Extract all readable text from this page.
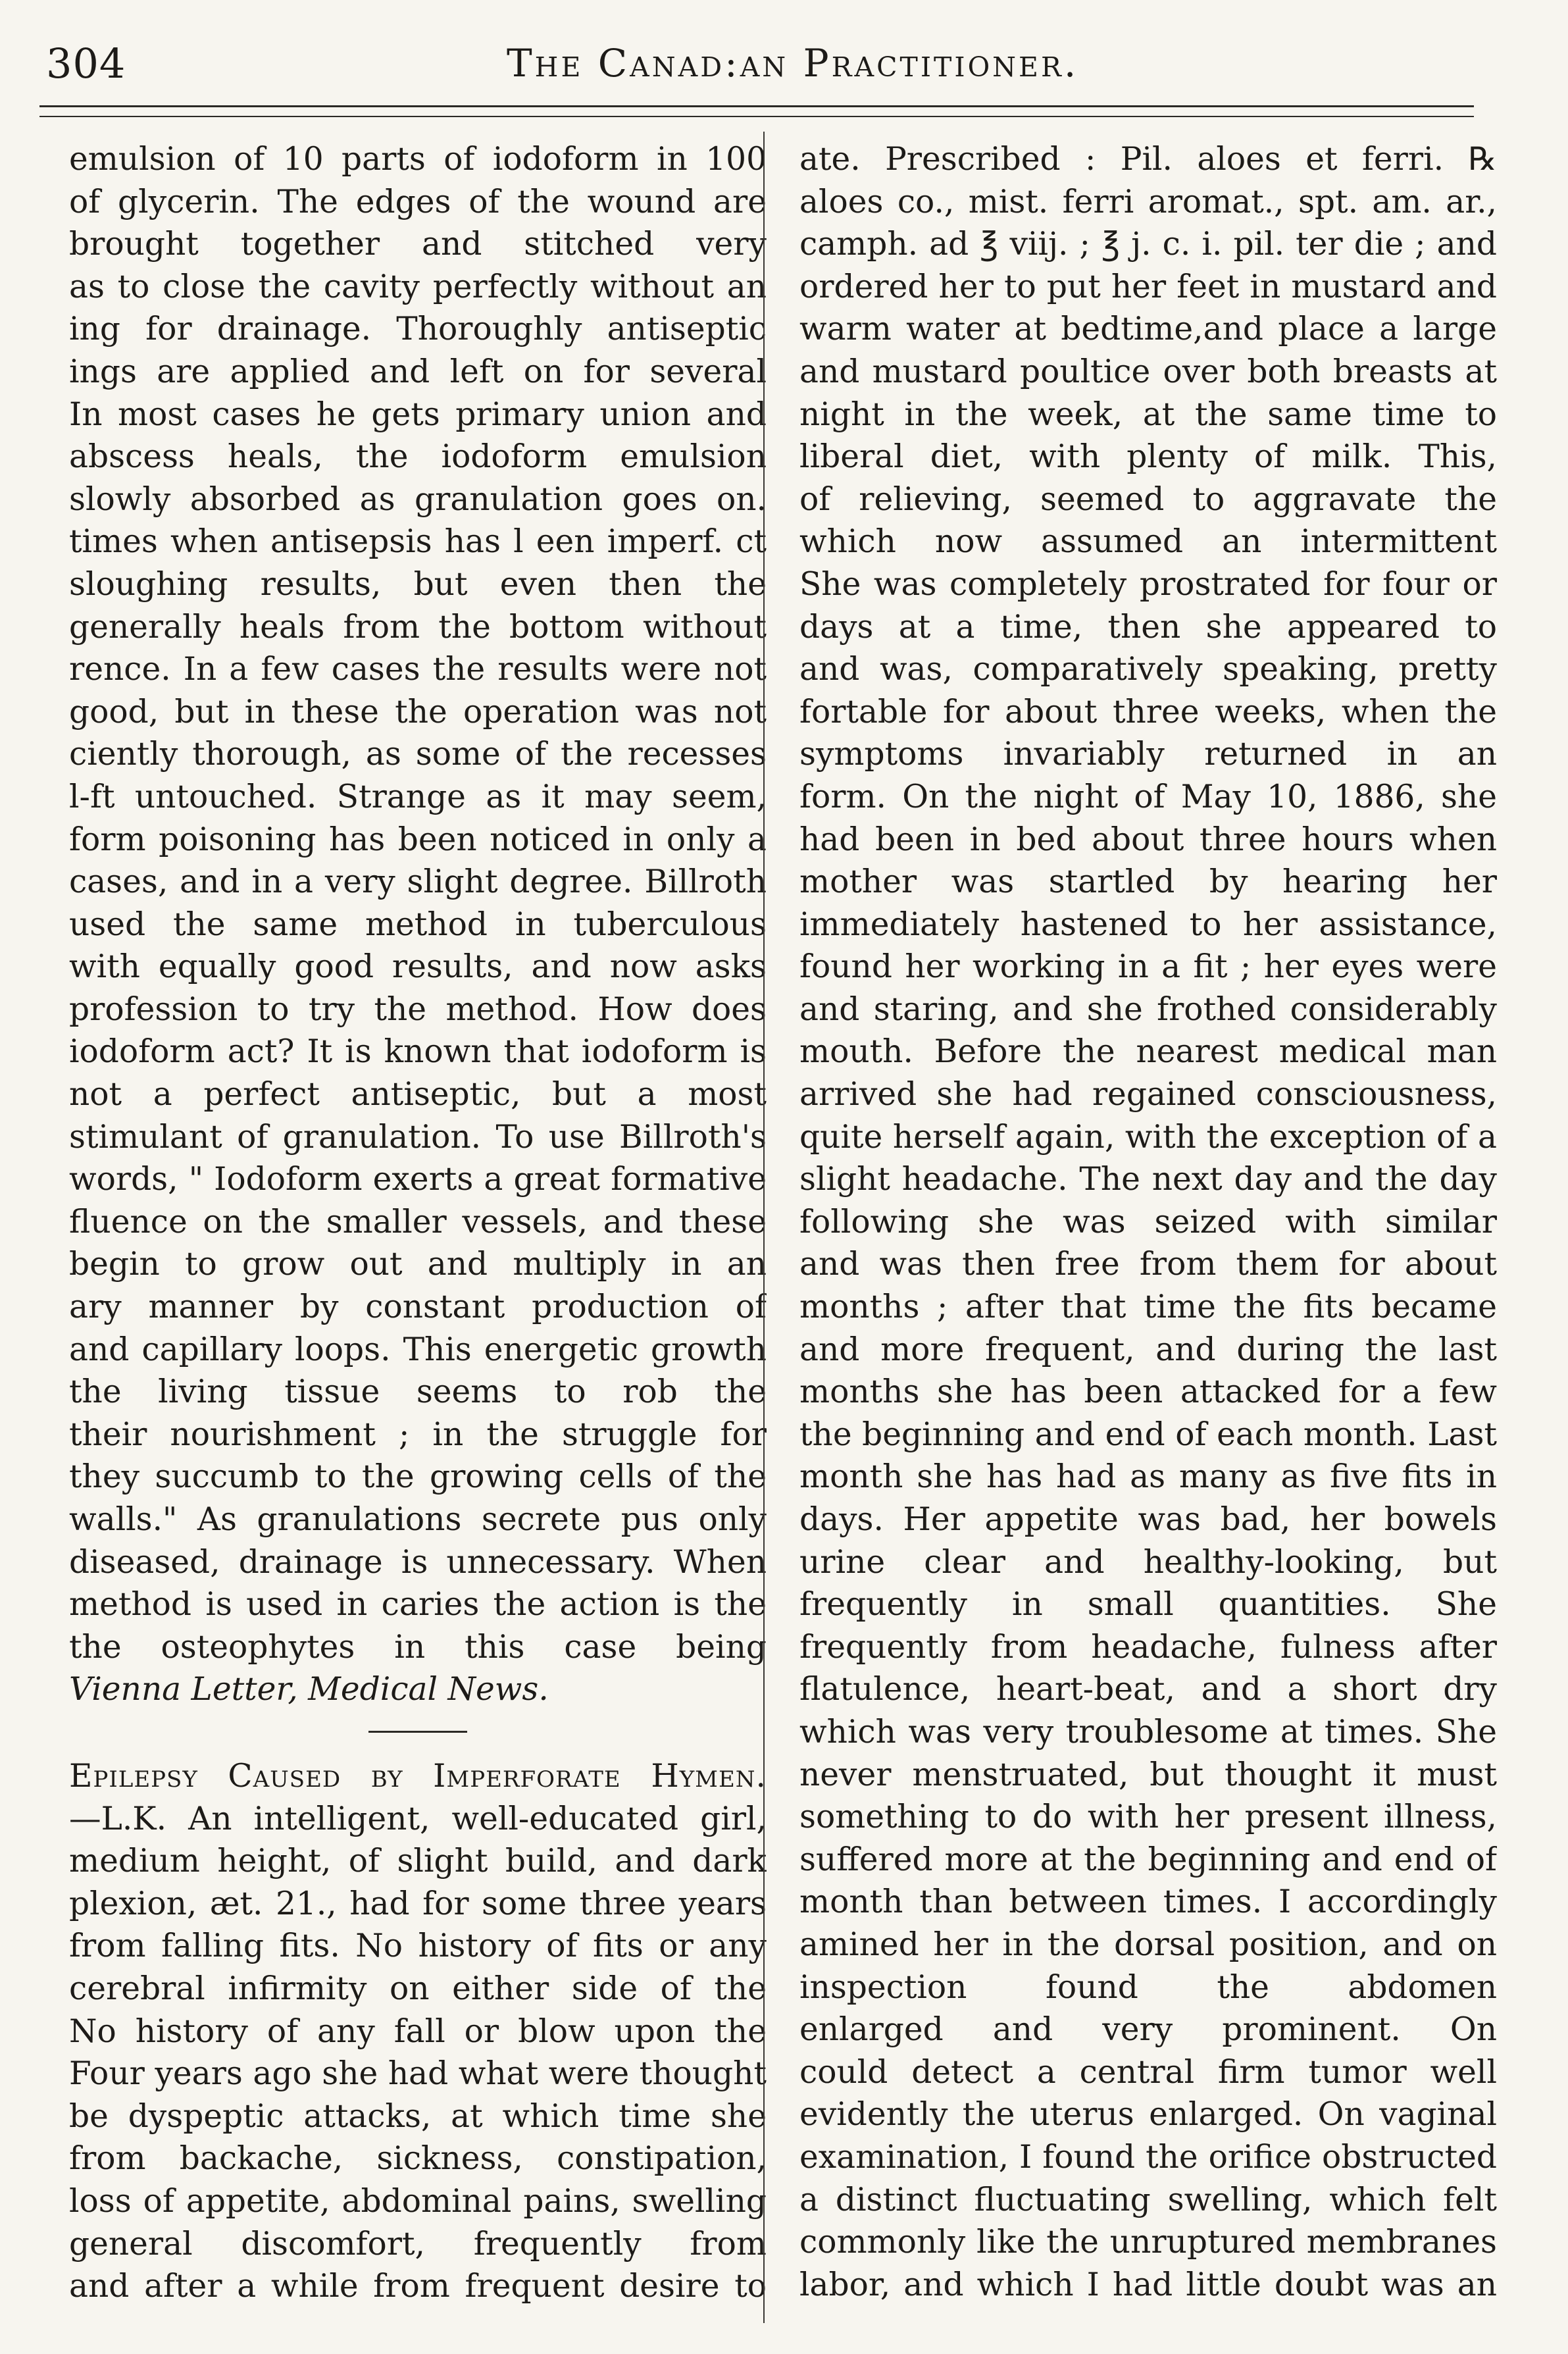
304	The Canad:an Practitioner.
emulsion of 10 parts of iodoform in 100
of glycerin. The edges of the wound are
brought together and stitched very
as to close the cavity perfectly without an
ing for drainage. Thoroughly antiseptic
ings are applied and left on for several
In most cases he gets primary union and
abscess heals, the iodoform emulsion
slowly absorbed as granulation goes on.
times when antisepsis has l een imperf. ct
sloughing results, but even then the
generally heals from the bottom without
rence. In a few cases the results were not
good, but in these the operation was not
ciently thorough, as some of the recesses
l-ft untouched. Strange as it may seem,
form poisoning has been noticed in only a
cases, and in a very slight degree. Billroth
used the same method in tuberculous
with equally good results, and now asks
profession to try the method. How does
iodoform act? It is known that iodoform is
not a perfect antiseptic, but a most
stimulant of granulation. To use Billroth's
words, " Iodoform exerts a great formative
fluence on the smaller vessels, and these
begin to grow out and multiply in an
ary manner by constant production of
and capillary loops. This energetic growth
the living tissue seems to rob the
their nourishment ; in the struggle for
they succumb to the growing cells of the
walls." As granulations secrete pus only
diseased, drainage is unnecessary. When
method is used in caries the action is the
the osteophytes in this case being
Vienna Letter, Medical News.
Epilepsy Caused by Imperforate Hymen.
—L.K. An intelligent, well-educated girl,
medium height, of slight build, and dark
plexion, æt. 21., had for some three years
from falling fits. No history of fits or any
cerebral infirmity on either side of the
No history of any fall or blow upon the
Four years ago she had what were thought
be dyspeptic attacks, at which time she
from backache, sickness, constipation,
loss of appetite, abdominal pains, swelling
general discomfort, frequently from
and after a while from frequent desire to
ate. Prescribed : Pil. aloes et ferri. ℞
aloes co., mist. ferri aromat., spt. am. ar.,
camph. ad ℥ viij. ; ℥ j. c. i. pil. ter die ; and
ordered her to put her feet in mustard and
warm water at bedtime,and place a large
and mustard poultice over both breasts at
night in the week, at the same time to
liberal diet, with plenty of milk. This,
of relieving, seemed to aggravate the
which now assumed an intermittent
She was completely prostrated for four or
days at a time, then she appeared to
and was, comparatively speaking, pretty
fortable for about three weeks, when the
symptoms invariably returned in an
form. On the night of May 10, 1886, she
had been in bed about three hours when
mother was startled by hearing her
immediately hastened to her assistance,
found her working in a fit ; her eyes were
and staring, and she frothed considerably
mouth. Before the nearest medical man
arrived she had regained consciousness,
quite herself again, with the exception of a
slight headache. The next day and the day
following she was seized with similar
and was then free from them for about
months ; after that time the fits became
and more frequent, and during the last
months she has been attacked for a few
the beginning and end of each month. Last
month she has had as many as five fits in
days. Her appetite was bad, her bowels
urine clear and healthy-looking, but
frequently in small quantities. She
frequently from headache, fulness after
flatulence, heart-beat, and a short dry
which was very troublesome at times. She
never menstruated, but thought it must
something to do with her present illness,
suffered more at the beginning and end of
month than between times. I accordingly
amined her in the dorsal position, and on
inspection found the abdomen
enlarged and very prominent. On
could detect a central firm tumor well
evidently the uterus enlarged. On vaginal
examination, I found the orifice obstructed
a distinct fluctuating swelling, which felt
commonly like the unruptured membranes
labor, and which I had little doubt was an
